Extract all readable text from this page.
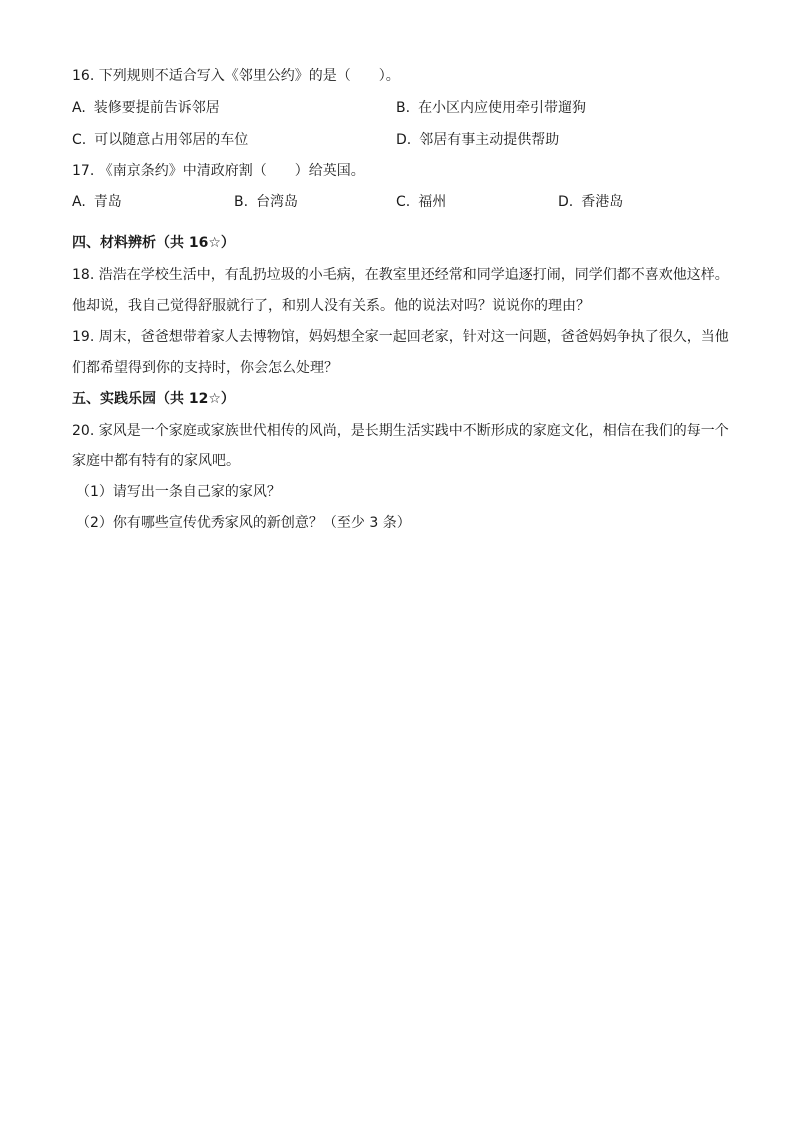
16. 下列规则不适合写入《邻里公约》的是（　　）。
A. 装修要提前告诉邻居	B. 在小区内应使用牵引带遛狗
C. 可以随意占用邻居的车位	D. 邻居有事主动提供帮助
17. 《南京条约》中清政府割（　　）给英国。
A. 青岛	B. 台湾岛	C. 福州	D. 香港岛
四、材料辨析（共 16☆）
18. 浩浩在学校生活中，有乱扔垃圾的小毛病，在教室里还经常和同学追逐打闹，同学们都不喜欢他这样。
他却说，我自己觉得舒服就行了，和别人没有关系。他的说法对吗？说说你的理由？
19. 周末，爸爸想带着家人去博物馆，妈妈想全家一起回老家，针对这一问题，爸爸妈妈争执了很久，当他
们都希望得到你的支持时，你会怎么处理？
五、实践乐园（共 12☆）
20. 家风是一个家庭或家族世代相传的风尚，是长期生活实践中不断形成的家庭文化，相信在我们的每一个
家庭中都有特有的家风吧。
（1）请写出一条自己家的家风？
（2）你有哪些宣传优秀家风的新创意？（至少 3 条）
